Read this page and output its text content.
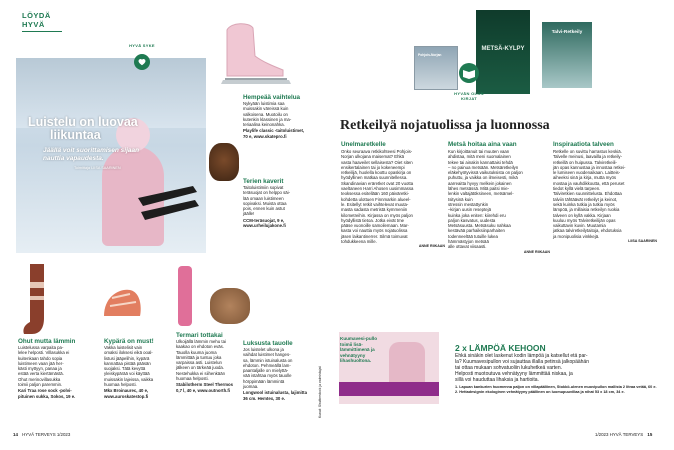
LÖYDÄ
HYVÄ
Luistelu on luovaa
liikuntaa
Jäällä voit suorittamisen sijaan
nauttia vapaudesta.
Toimittaja LIISA SAARINEN
HYVÄ SYKE
Hempeää vaihtelua
Nykyään luistimia saa
muissakin väreissä kuin
valkoisena. Muotoilu on
kutenkin klassinen ja ma-
teriaalina keinonahka.
Playlife classic -taitoluistimet,
70 e, www.skatepro.fi
Terien kaverit
Taitoluistimiin sopivat
teräsuojat on helppo säi-
lää omaan luistimeen
sopivaksi. Muista ottaa
pois, ennen kuin astut
jäälle!
CCM-teräsuojat, 9 e,
www.urheilujakone.fi
Ohut mutta lämmin
Luistelussa varpaita pa-
lelee helposti. Villasukka ei
kuitenkaan tahdo sopia
luistimeen vaan jää her-
kästi myttyyn, panaa ja
estää verta kiertämästä.
Ohut merinovillasukka
toimii paljon paremmin.
Kari Traa rose sock -polvi-
pituinen sukka, Sokos, 19 e.
Kypärä on must!
Vakka luistelisit vain
omaksi iloksesi eikä ooal-
listusi jääpelihin, kypärä
kannattaa pistää pääsän
suojaksi. Tätä kevyttä
yleiskypärää voi käyttää
muissakin lajeissa, vaikka
huomaa helposti.
Mkx Broinaurec, 40 e,
www.auroskatestop.fi
Termari tottakai
Ulkoijällä lämmin mehu tai
kaakao on ehdoton eväs.
Tauolla kuuma juoma
lämmittää ja tuntuu joka
varpaissa asti. Luistelun
jälkeen on tärkeää juoda.
Nestehukka ei siihenkään
huomaa helposti.
Stabilotherm Steel Thermos
0,7 l, 40 e, www.outnorth.fi
Luksusta tauolle
Jos luistelet ulkona ja
vaihdat luistimet hanges-
sa, lämmin istuinalusta on
ehdoton. Pehmeällä lam-
paantaljalle on mielyttä-
vää istahtaa myös tauolle
hörppimään lämmintä
juomaa.
Longwool istuinalusta, lajimitta
36 cm. Hemtex, 30 e.	Kuvat: Shutterstock ja valmistajat
Pohjois-Norjan
METSÄ-KYLPY
Talvi-Retkeily
HYVÄN OLON KIRJAT
Retkeilyä nojatuolissa ja luonnossa
Unelmaretkelle
Onko seuraava retkikohteesi Pohjois-
Norjan ulkojana maisemat? Ehkä
vasta haaveilet sellaisesta? Oiet siten
ensikertalainen tai jo kokeneempi
retkeilijä, huolella koottu opaskirja on
hyödyllinen matkaa suunnitellessa.
Skandinavian eräretket ovat 20 vuotta
vaeltaneen Harri Ahosen uusimmassa
teoksessa esitellään 160 päiväretki-
kohdetta ulottuen Finnmarkin alueel-
le. Esitellyt retkit vaihtelevat muuta-
masta sadasta metristä kymmeniin
kilometreihin. Kirjassa on myös paljon
hyödyllistä tietoa. Jotka eivät tme
pääse vuonoille samoilemaan. Mar-
kasta voi nauttia myös nojatuolissa
jäsen laikantinerrer. Silmä toimuvat
tohdukkeena mille.
ANNE RIIKAAN
Metsä hoitaa aina vaan
Kun kirjoittanuit tai muuten vaan
ahdistaa, mitä meni suomalainen
tekee tai ainakin kannattaisi tehdä
– no painua metsään. Metsäretkeilyn
eläkehyötyvissä vaikutuksista on paljon
puhuttu, ja vaikka on ilmeisesti, mikä
aarreaitta hyvyy melkein jokainen
lähes metsässä. Mitä paitsi mie-
lenkin valtajätöksineen, metsämel-
tsitysinä kuin
stressin mestattynkin
–kirjan uusin reseptejä
kuinka joka eniten: kiirehdi eru
paljon kasvatus, uudesta
Metsäsuusta. Metsäsuku nahkaa
kestävää parhaiksiinparhaiten
todenneeltää tutuille lukea
hämmästyjon metsää
alle ottavat viisaasti.
ANNE RIIKAAN
Inspiraatiota talveen
Retkelle on suvittu harrastus keskiä.
Talvelle meinusi, laavailla ja retkeily-
retkeillä on huipussa. Talviretkeili-
jän opas kannustaa ja innostaa retkei-
le lumiseen vuodenaikaan. Laitteis-
aiheeksi sinä ja kirja, mutta myös
mostaa ja vauhdikkoutta, että peruset
tiedot kyllä vielä tarpeen.
Talviretkien suunnittelusta. Ehdottaa
talviin tähtäävät retkeilyt ja keinot,
sekä kuinka tutkia ja tutkia myös
lämpöä, ja millaisia retkeilyn ruokia
talveen on kyllä vakka. Kirjaan
kuuluu myös Talviretkeilijän opas
vaikuttavin kuvin. Muutamia
jatkaa talviretkeilytaitoja, ehdotuksia
ja monipuolisia vinkkejä.
LIISA SAARINEN
Kuumavesi-pullo toimii lisä-lämmittimenä ja vehnätyyny lihashuoltona.
2 x LÄMPÖÄ KEHOON
Ehkä sinäkin olet laskenut kodin lämpöä ja katsellut etä par-
la? Kuumavesipullon voi sujauttaa illalla petinsä jalkopäähän
tai ottaa mukaan sohvatuoliin lukuhetkeä varten.
Helposti muotoutuva vehnätyyny lämmittää niskaa, ja
sillä voi hauduttaa lihaksia ja hartioita.
1. Lapuan kankurien huomenna paljon on villapääliinen, Stokkö-ulenen muovipullon mallista 2 litraa vetää, 60 e.
2. Hettadesignin ekologinen vehnätyyny päällinen on luomupuuvillaa ja nihat 53 x 18 cm, 34 e.
14 HYVÄ TERVEYS 1/2023	1/2023 HYVÄ TERVEYS 15
